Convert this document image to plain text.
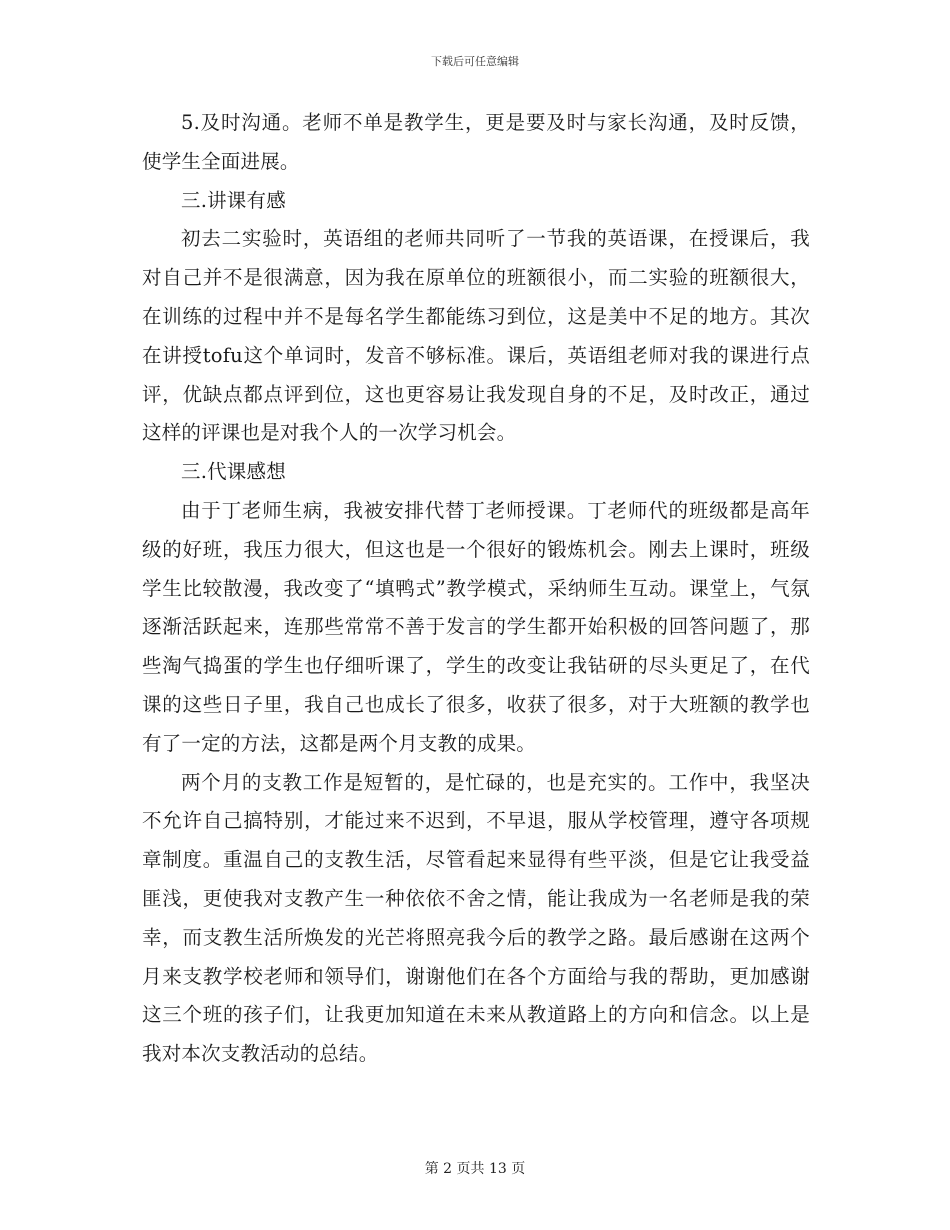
下载后可任意编辑

5.及时沟通。老师不单是教学生，更是要及时与家长沟通，及时反馈，使学生全面进展。

三.讲课有感

初去二实验时，英语组的老师共同听了一节我的英语课，在授课后，我对自己并不是很满意，因为我在原单位的班额很小，而二实验的班额很大，在训练的过程中并不是每名学生都能练习到位，这是美中不足的地方。其次在讲授tofu这个单词时，发音不够标准。课后，英语组老师对我的课进行点评，优缺点都点评到位，这也更容易让我发现自身的不足，及时改正，通过这样的评课也是对我个人的一次学习机会。

三.代课感想

由于丁老师生病，我被安排代替丁老师授课。丁老师代的班级都是高年级的好班，我压力很大，但这也是一个很好的锻炼机会。刚去上课时，班级学生比较散漫，我改变了“填鸭式”教学模式，采纳师生互动。课堂上，气氛逐渐活跃起来，连那些常常不善于发言的学生都开始积极的回答问题了，那些淘气捣蛋的学生也仔细听课了，学生的改变让我钻研的尽头更足了，在代课的这些日子里，我自己也成长了很多，收获了很多，对于大班额的教学也有了一定的方法，这都是两个月支教的成果。

两个月的支教工作是短暂的，是忙碌的，也是充实的。工作中，我坚决不允许自己搞特别，才能过来不迟到，不早退，服从学校管理，遵守各项规章制度。重温自己的支教生活，尽管看起来显得有些平淡，但是它让我受益匪浅，更使我对支教产生一种依依不舍之情，能让我成为一名老师是我的荣幸，而支教生活所焕发的光芒将照亮我今后的教学之路。最后感谢在这两个月来支教学校老师和领导们，谢谢他们在各个方面给与我的帮助，更加感谢这三个班的孩子们，让我更加知道在未来从教道路上的方向和信念。以上是我对本次支教活动的总结。

第 2 页共 13 页
